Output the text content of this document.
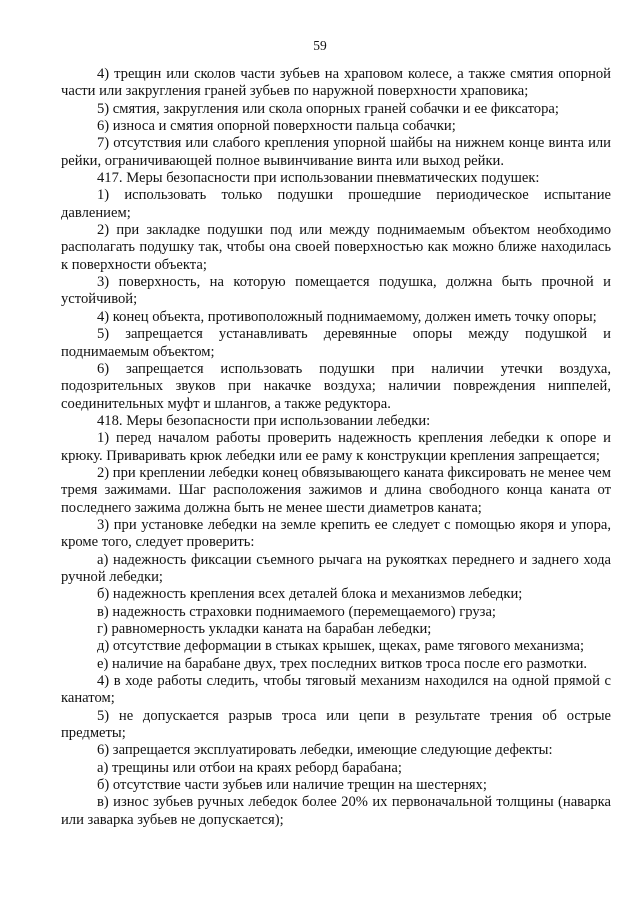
59

4) трещин или сколов части зубьев на храповом колесе, а также смятия опорной части или закругления граней зубьев по наружной поверхности храповика;

5) смятия, закругления или скола опорных граней собачки и ее фиксатора;

6) износа и смятия опорной поверхности пальца собачки;

7) отсутствия или слабого крепления упорной шайбы на нижнем конце винта или рейки, ограничивающей полное вывинчивание винта или выход рейки.

417. Меры безопасности при использовании пневматических подушек:

1) использовать только подушки прошедшие периодическое испытание давлением;

2) при закладке подушки под или между поднимаемым объектом необходимо располагать подушку так, чтобы она своей поверхностью как можно ближе находилась к поверхности объекта;

3) поверхность, на которую помещается подушка, должна быть прочной и устойчивой;

4) конец объекта, противоположный поднимаемому, должен иметь точку опоры;

5) запрещается устанавливать деревянные опоры между подушкой и поднимаемым объектом;

6) запрещается использовать подушки при наличии утечки воздуха, подозрительных звуков при накачке воздуха; наличии повреждения ниппелей, соединительных муфт и шлангов, а также редуктора.

418. Меры безопасности при использовании лебедки:

1) перед началом работы проверить надежность крепления лебедки к опоре и крюку. Приваривать крюк лебедки или ее раму к конструкции крепления запрещается;

2) при креплении лебедки конец обвязывающего каната фиксировать не менее чем тремя зажимами. Шаг расположения зажимов и длина свободного конца каната от последнего зажима должна быть не менее шести диаметров каната;

3) при установке лебедки на земле крепить ее следует с помощью якоря и упора, кроме того, следует проверить:

а) надежность фиксации съемного рычага на рукоятках переднего и заднего хода ручной лебедки;

б) надежность крепления всех деталей блока и механизмов лебедки;

в) надежность страховки поднимаемого (перемещаемого) груза;

г) равномерность укладки каната на барабан лебедки;

д) отсутствие деформации в стыках крышек, щеках, раме тягового механизма;

е) наличие на барабане двух, трех последних витков троса после его размотки.

4) в ходе работы следить, чтобы тяговый механизм находился на одной прямой с канатом;

5) не допускается разрыв троса или цепи в результате трения об острые предметы;

6) запрещается эксплуатировать лебедки, имеющие следующие дефекты:

а) трещины или отбои на краях реборд барабана;

б) отсутствие части зубьев или наличие трещин на шестернях;

в) износ зубьев ручных лебедок более 20% их первоначальной толщины (наварка или заварка зубьев не допускается);
